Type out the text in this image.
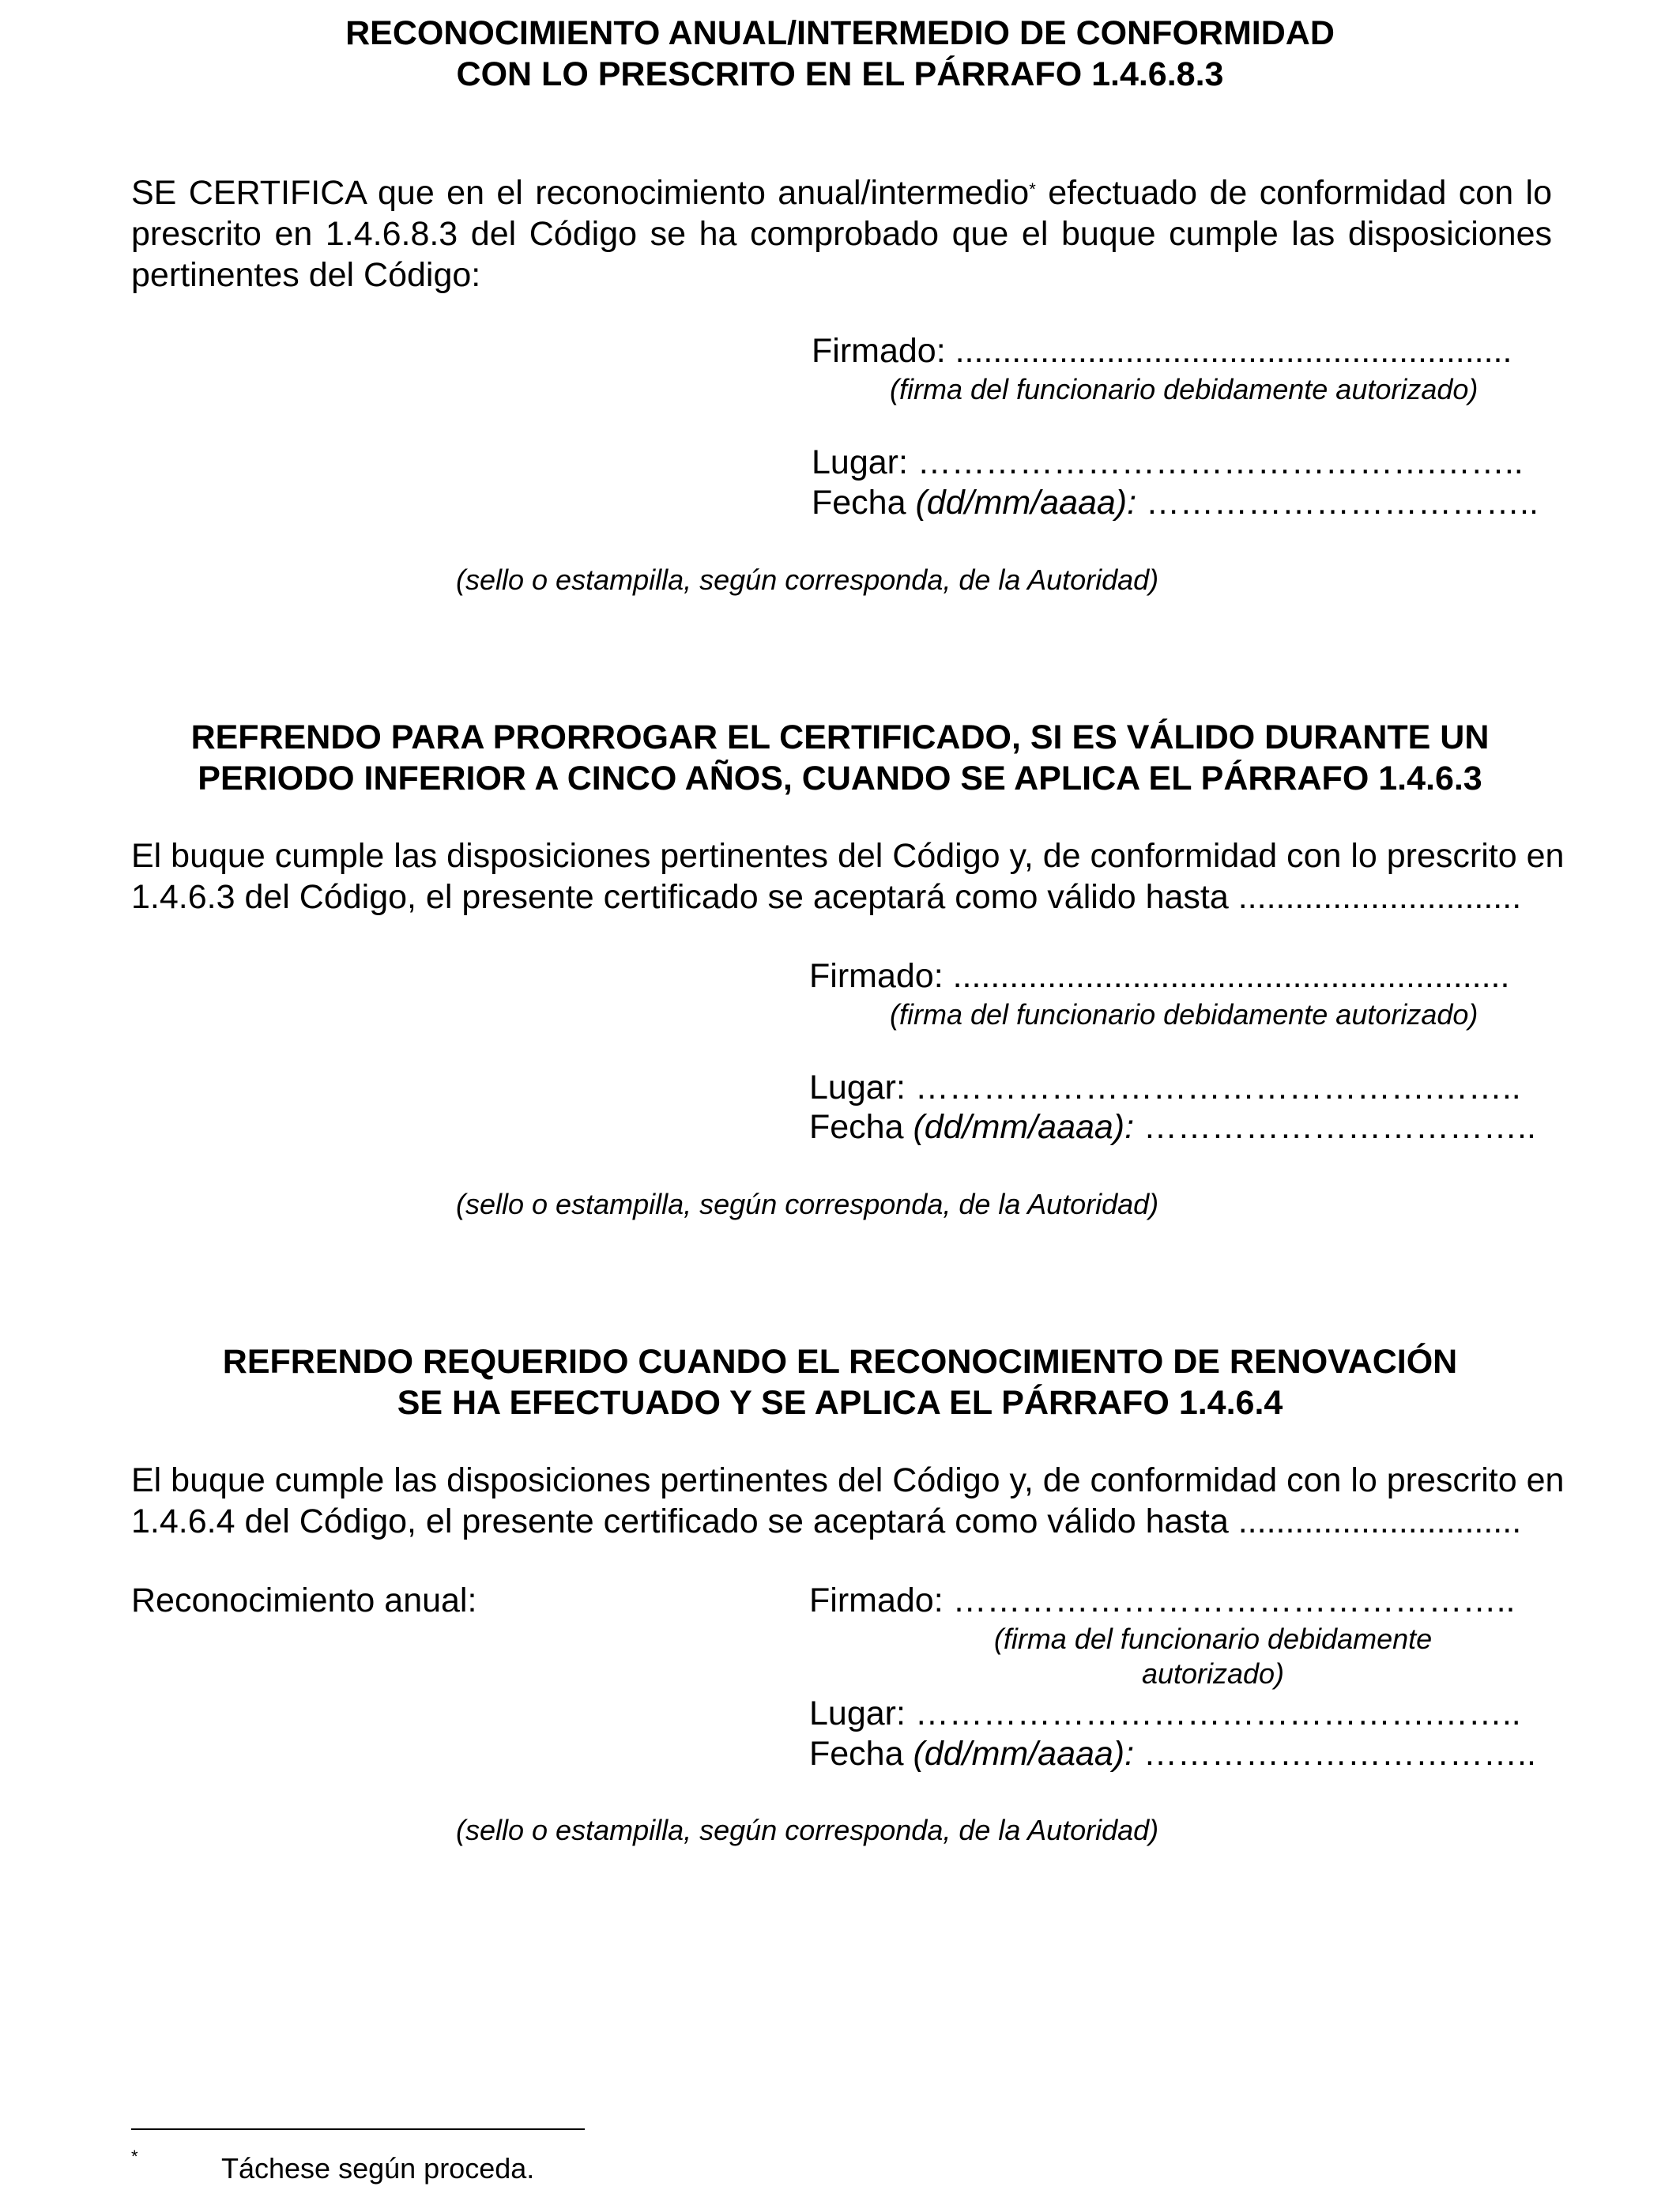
RECONOCIMIENTO ANUAL/INTERMEDIO DE CONFORMIDAD
CON LO PRESCRITO EN EL PÁRRAFO 1.4.6.8.3

SE CERTIFICA que en el reconocimiento anual/intermedio* efectuado de conformidad con lo
prescrito en 1.4.6.8.3 del Código se ha comprobado que el buque cumple las disposiciones
pertinentes del Código:

Firmado: ...........................................................
(firma del funcionario debidamente autorizado)
Lugar: ……………………………………….……..
Fecha (dd/mm/aaaa): ……………………………..
(sello o estampilla, según corresponda, de la Autoridad)
REFRENDO PARA PRORROGAR EL CERTIFICADO, SI ES VÁLIDO DURANTE UN
PERIODO INFERIOR A CINCO AÑOS, CUANDO SE APLICA EL PÁRRAFO 1.4.6.3

El buque cumple las disposiciones pertinentes del Código y, de conformidad con lo prescrito en
1.4.6.3 del Código, el presente certificado se aceptará como válido hasta ..............................

Firmado: ...........................................................
(firma del funcionario debidamente autorizado)
Lugar: ……………………………………….……..
Fecha (dd/mm/aaaa): ……………………………..
(sello o estampilla, según corresponda, de la Autoridad)
REFRENDO REQUERIDO CUANDO EL RECONOCIMIENTO DE RENOVACIÓN
SE HA EFECTUADO Y SE APLICA EL PÁRRAFO 1.4.6.4

El buque cumple las disposiciones pertinentes del Código y, de conformidad con lo prescrito en
1.4.6.4 del Código, el presente certificado se aceptará como válido hasta ..............................

Reconocimiento anual:	Firmado: …………………………………………..
(firma del funcionario debidamente
autorizado)
Lugar: ……………………………………….……..
Fecha (dd/mm/aaaa): ……………………………..
(sello o estampilla, según corresponda, de la Autoridad)
*	Táchese según proceda.
